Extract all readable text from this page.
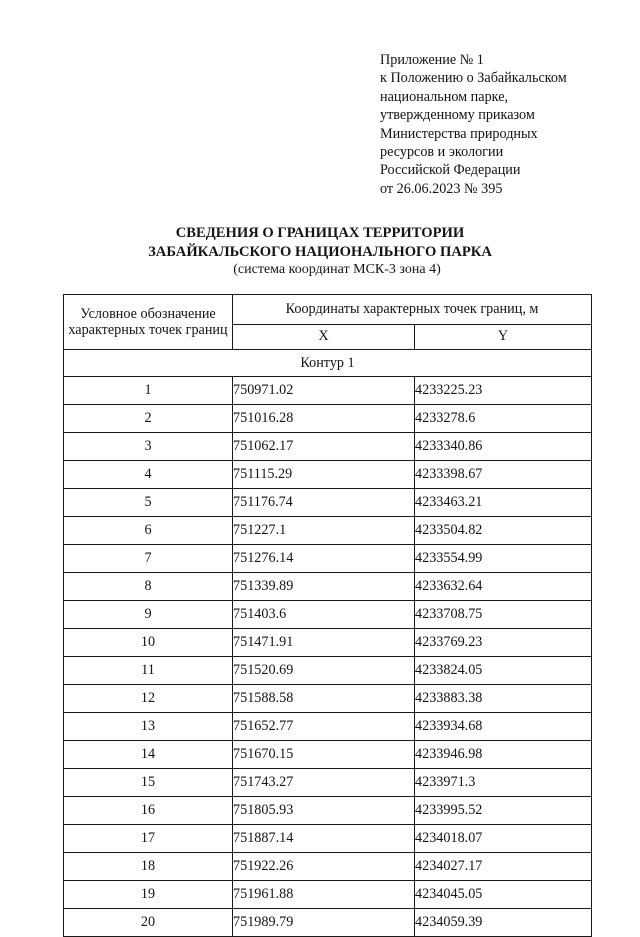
Приложение № 1
к Положению о Забайкальском
национальном парке,
утвержденному приказом
Министерства природных
ресурсов и экологии
Российской Федерации
от 26.06.2023 № 395
СВЕДЕНИЯ О ГРАНИЦАХ ТЕРРИТОРИИ
ЗАБАЙКАЛЬСКОГО НАЦИОНАЛЬНОГО ПАРКА
(система координат МСК-3 зона 4)
Условное обозначение характерных точек границ	Координаты характерных точек границ, м	
	X	Y
Контур 1		
1	750971.02	4233225.23
2	751016.28	4233278.6
3	751062.17	4233340.86
4	751115.29	4233398.67
5	751176.74	4233463.21
6	751227.1	4233504.82
7	751276.14	4233554.99
8	751339.89	4233632.64
9	751403.6	4233708.75
10	751471.91	4233769.23
11	751520.69	4233824.05
12	751588.58	4233883.38
13	751652.77	4233934.68
14	751670.15	4233946.98
15	751743.27	4233971.3
16	751805.93	4233995.52
17	751887.14	4234018.07
18	751922.26	4234027.17
19	751961.88	4234045.05
20	751989.79	4234059.39
